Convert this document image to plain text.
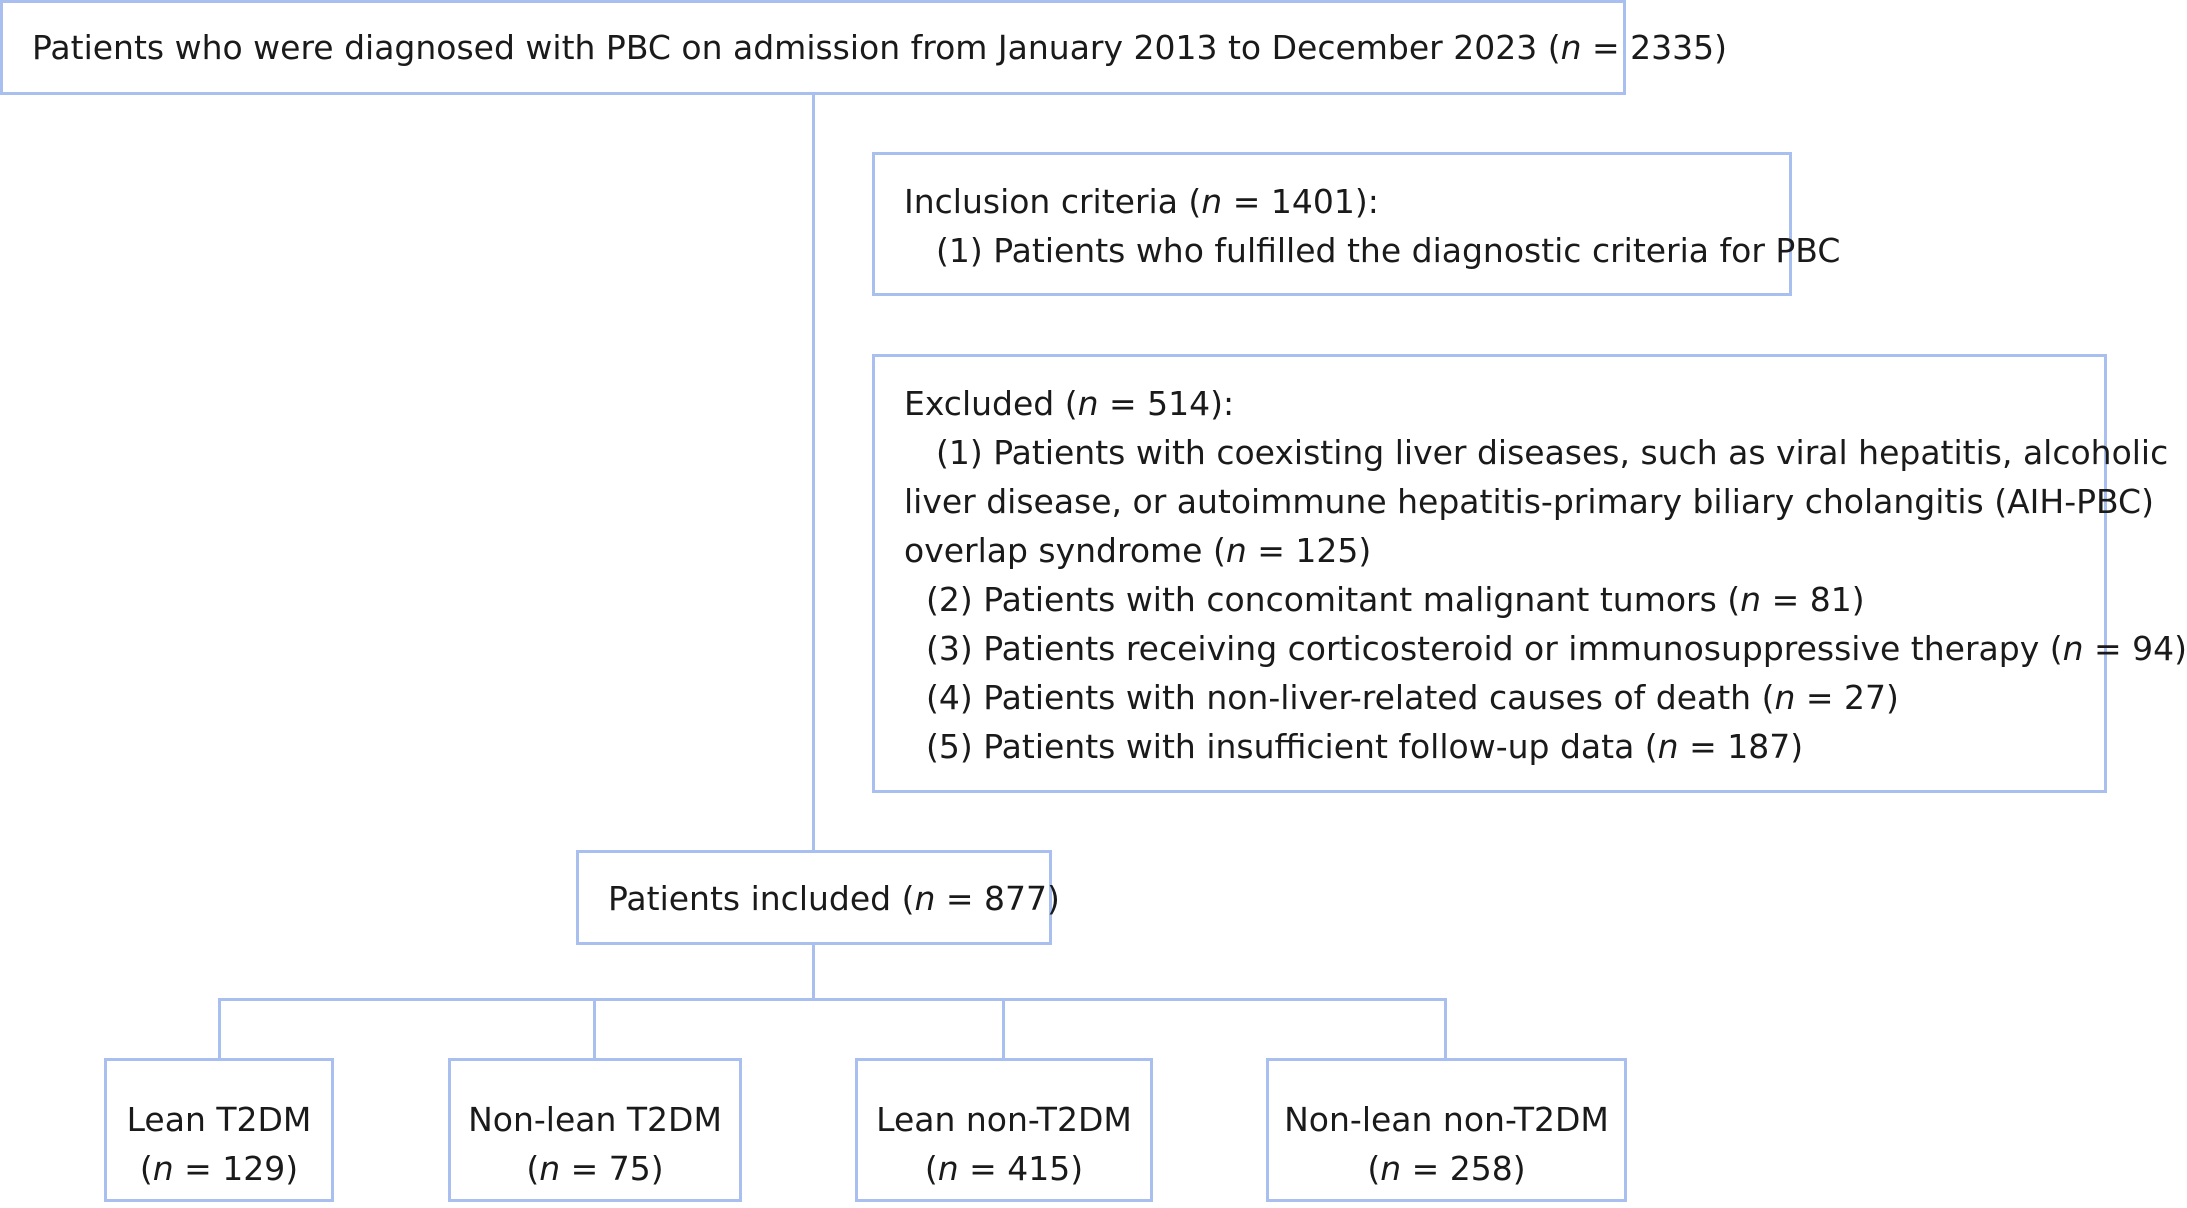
Patients who were diagnosed with PBC on admission from January 2013 to December 2023 (n = 2335)
Inclusion criteria (n = 1401):
(1) Patients who fulfilled the diagnostic criteria for PBC
Excluded (n = 514):
(1) Patients with coexisting liver diseases, such as viral hepatitis, alcoholic
liver disease, or autoimmune hepatitis-primary biliary cholangitis (AIH-PBC)
overlap syndrome (n = 125)
(2) Patients with concomitant malignant tumors (n = 81)
(3) Patients receiving corticosteroid or immunosuppressive therapy (n = 94)
(4) Patients with non-liver-related causes of death (n = 27)
(5) Patients with insufficient follow-up data (n = 187)
Patients included (n = 877)
Lean T2DM
(n = 129)
Non-lean T2DM
(n = 75)
Lean non-T2DM
(n = 415)
Non-lean non-T2DM
(n = 258)
